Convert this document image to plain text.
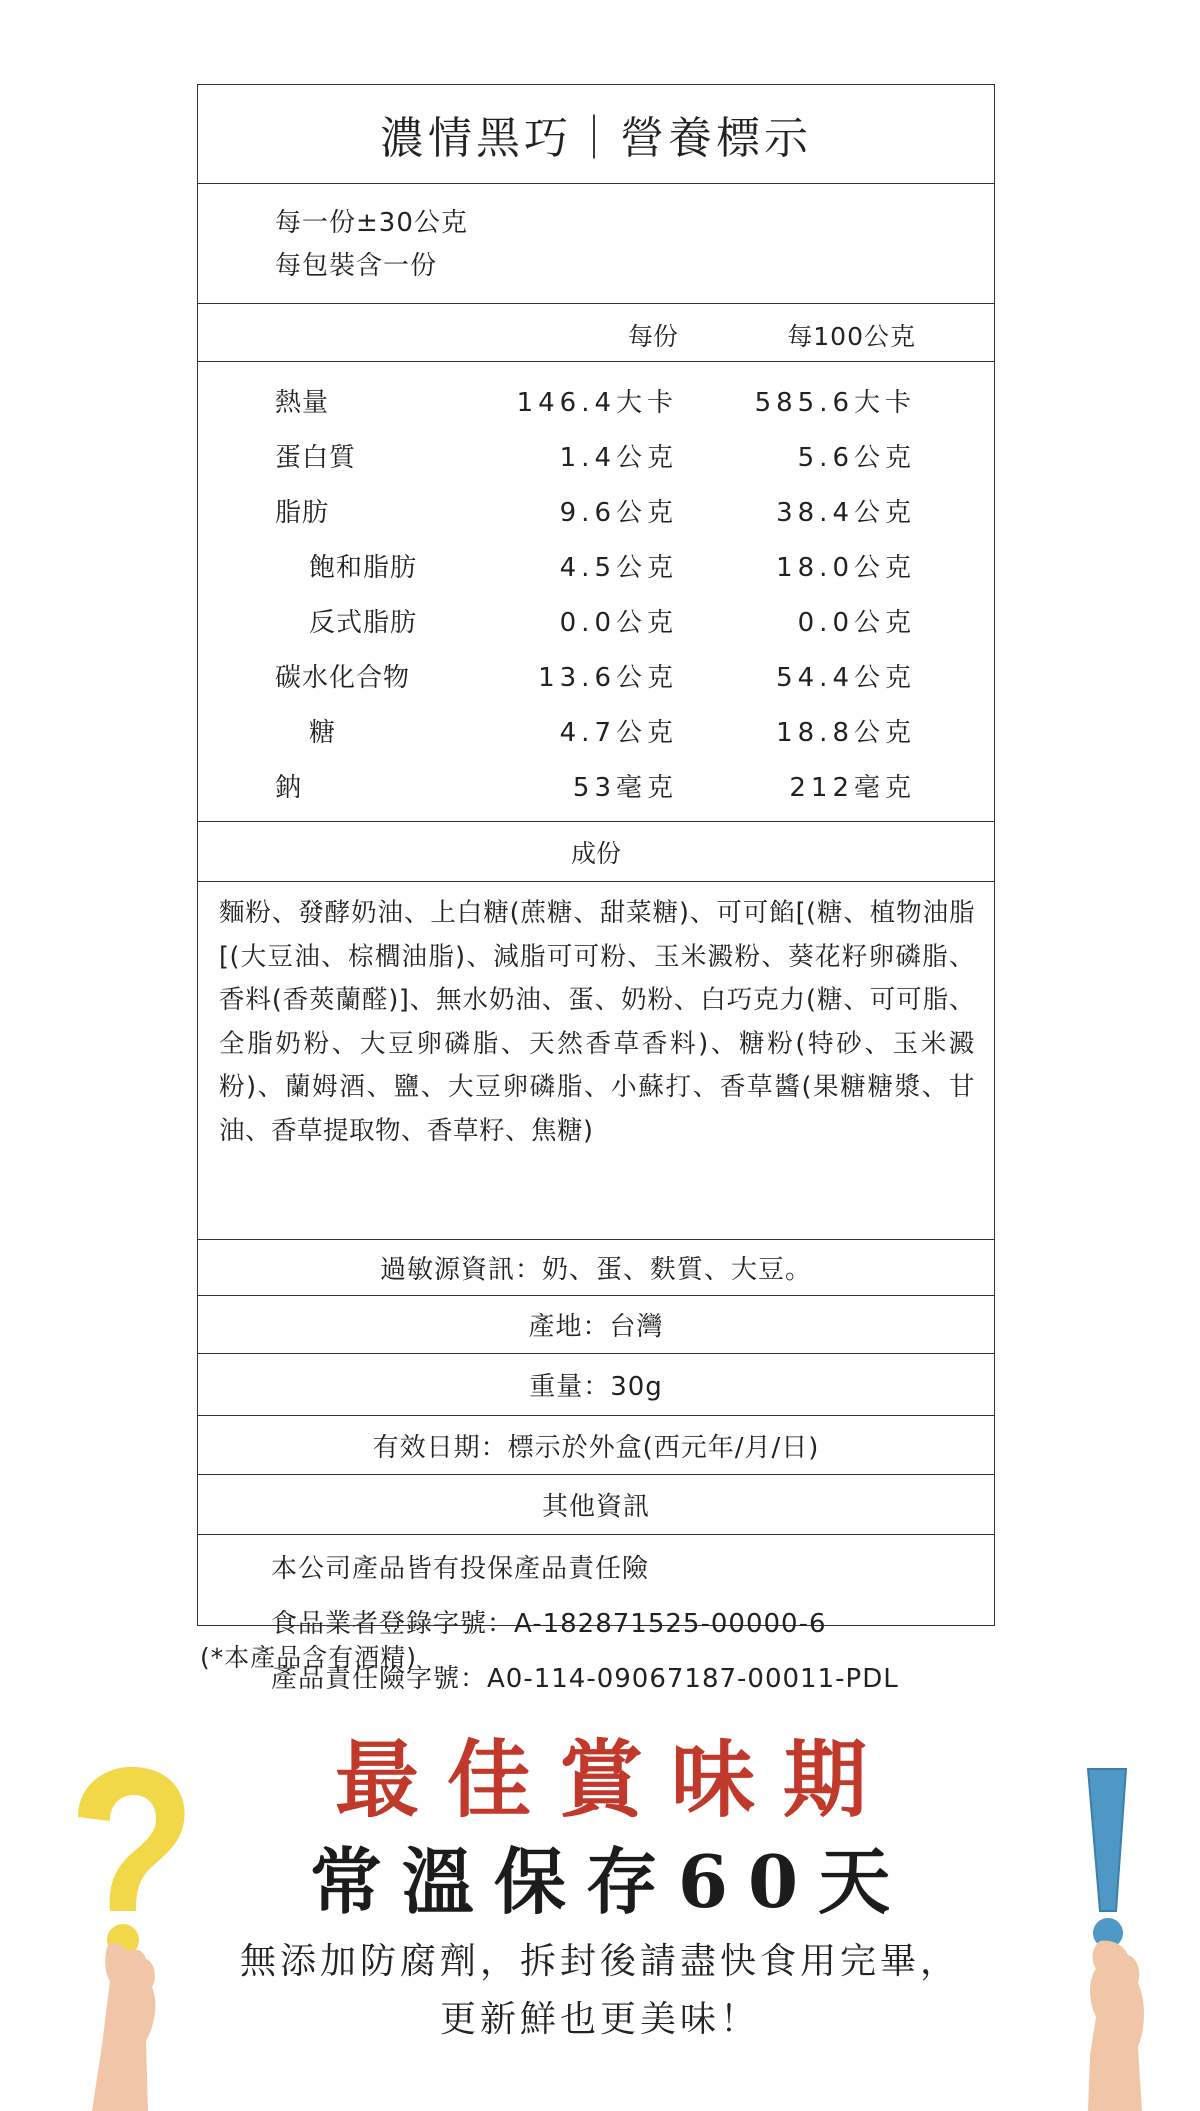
濃情黑巧｜營養標示
每一份±30公克
每包裝含一份
每份	每100公克
熱量	146.4大卡	585.6大卡
蛋白質	1.4公克	5.6公克
脂肪	9.6公克	38.4公克
飽和脂肪	4.5公克	18.0公克
反式脂肪	0.0公克	0.0公克
碳水化合物	13.6公克	54.4公克
糖	4.7公克	18.8公克
鈉	53毫克	212毫克
成份
麵粉、發酵奶油、上白糖(蔗糖、甜菜糖)、可可餡[(糖、植物油脂[(大豆油、棕櫚油脂)、減脂可可粉、玉米澱粉、葵花籽卵磷脂、香料(香莢蘭醛)]、無水奶油、蛋、奶粉、白巧克力(糖、可可脂、全脂奶粉、大豆卵磷脂、天然香草香料)、糖粉(特砂、玉米澱粉)、蘭姆酒、鹽、大豆卵磷脂、小蘇打、香草醬(果糖糖漿、甘油、香草提取物、香草籽、焦糖)
過敏源資訊：奶、蛋、麩質、大豆。
產地：台灣
重量：30g
有效日期：標示於外盒(西元年/月/日)
其他資訊
本公司產品皆有投保產品責任險
食品業者登錄字號：A-182871525-00000-6
產品責任險字號：A0-114-09067187-00011-PDL
(*本產品含有酒精)
最佳賞味期
常溫保存60天
無添加防腐劑，拆封後請盡快食用完畢，
更新鮮也更美味！
